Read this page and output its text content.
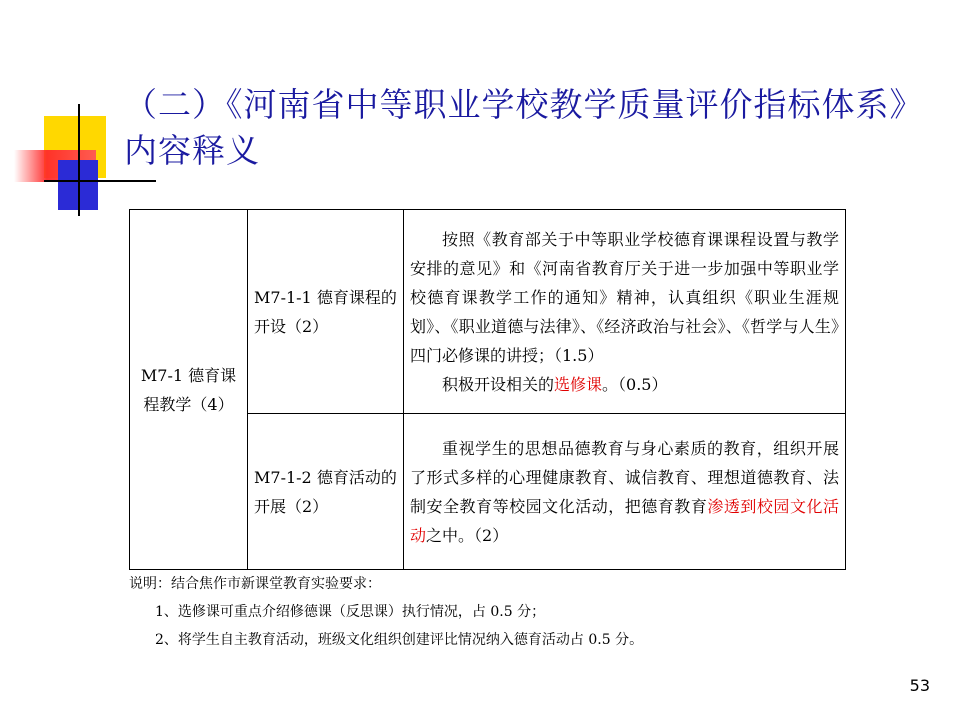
（二）《河南省中等职业学校教学质量评价指标体系》内容释义
M7-1 德育课程教学（4）	M7-1-1 德育课程的开设（2）	按照《教育部关于中等职业学校德育课课程设置与教学安排的意见》和《河南省教育厅关于进一步加强中等职业学校德育课教学工作的通知》精神，认真组织《职业生涯规划》、《职业道德与法律》、《经济政治与社会》、《哲学与人生》四门必修课的讲授；（1.5）
积极开设相关的选修课。（0.5）

	M7-1-2 德育活动的开展（2）	重视学生的思想品德教育与身心素质的教育，组织开展了形式多样的心理健康教育、诚信教育、理想道德教育、法制安全教育等校园文化活动，把德育教育渗透到校园文化活动之中。（2）
说明：结合焦作市新课堂教育实验要求：
1、选修课可重点介绍修德课（反思课）执行情况，占 0.5 分；
2、将学生自主教育活动，班级文化组织创建评比情况纳入德育活动占 0.5 分。
53
